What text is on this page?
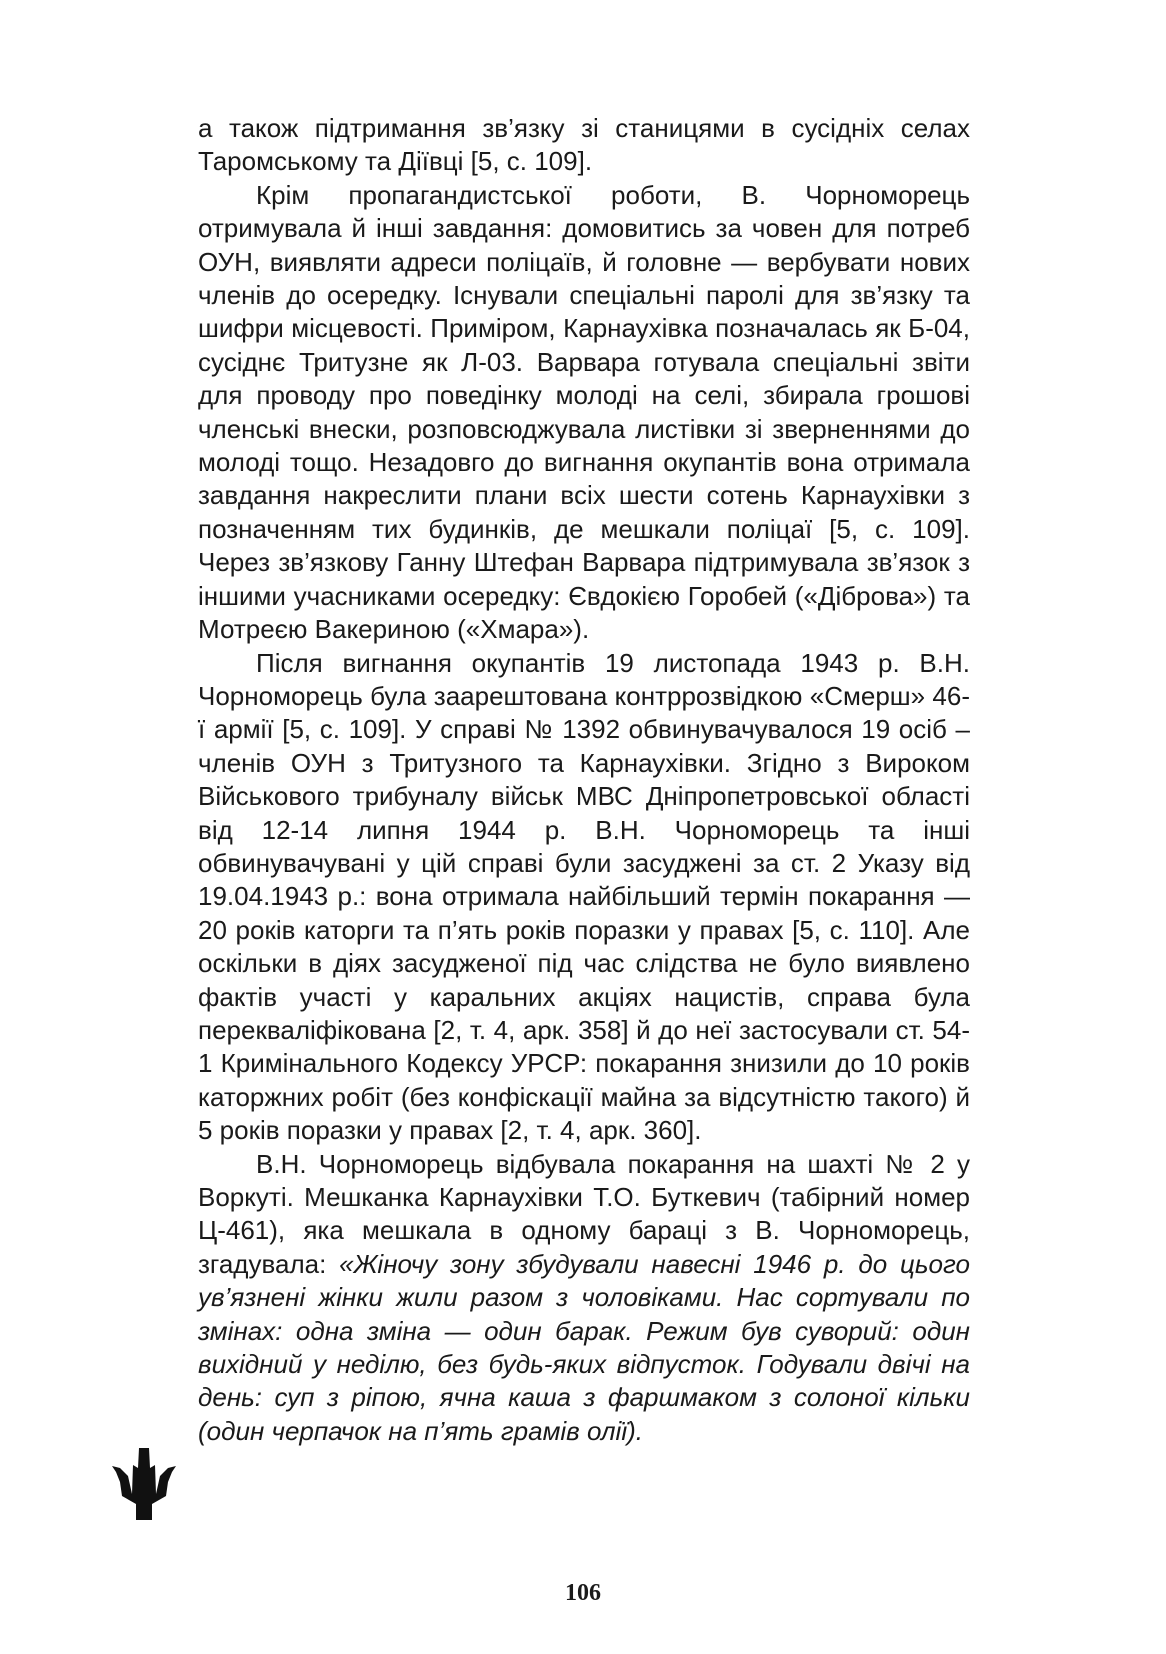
а також підтримання зв’язку зі станицями в сусідніх селах Таромському та Діївці [5, с. 109].

Крім пропагандистської роботи, В. Чорноморець отримувала й інші завдання: домовитись за човен для потреб ОУН, виявляти адреси поліцаїв, й головне — вербувати нових членів до осередку. Існували спеціальні паролі для зв’язку та шифри місцевості. Приміром, Карнаухівка позначалась як Б-04, сусіднє Тритузне як Л-03. Варвара готувала спеціальні звіти для проводу про поведінку молоді на селі, збирала грошові членські внески, розповсюджувала листівки зі зверненнями до молоді тощо. Незадовго до вигнання окупантів вона отримала завдання накреслити плани всіх шести сотень Карнаухівки з позначенням тих будинків, де мешкали поліцаї [5, с. 109]. Через зв’язкову Ганну Штефан Варвара підтримувала зв’язок з іншими учасниками осередку: Євдокією Горобей («Діброва») та Мотреєю Вакериною («Хмара»).

Після вигнання окупантів 19 листопада 1943 р. В.Н. Чорноморець була заарештована контррозвідкою «Смерш» 46-ї армії [5, с. 109]. У справі № 1392 обвинувачувалося 19 осіб – членів ОУН з Тритузного та Карнаухівки. Згідно з Вироком Військового трибуналу військ МВС Дніпропетровської області від 12-14 липня 1944 р. В.Н. Чорноморець та інші обвинувачувані у цій справі були засуджені за ст. 2 Указу від 19.04.1943 р.: вона отримала найбільший термін покарання — 20 років каторги та п’ять років поразки у правах [5, с. 110]. Але оскільки в діях засудженої під час слідства не було виявлено фактів участі у каральних акціях нацистів, справа була перекваліфікована [2, т. 4, арк. 358] й до неї застосували ст. 54-1 Кримінального Кодексу УРСР: покарання знизили до 10 років каторжних робіт (без конфіскації майна за відсутністю такого) й 5 років поразки у правах [2, т. 4, арк. 360].

В.Н. Чорноморець відбувала покарання на шахті № 2 у Воркуті. Мешканка Карнаухівки Т.О. Буткевич (табірний номер Ц-461), яка мешкала в одному бараці з В. Чорноморець, згадувала: «Жіночу зону збудували навесні 1946 р. до цього ув’язнені жінки жили разом з чоловіками. Нас сортували по змінах: одна зміна — один барак. Режим був суворий: один вихідний у неділю, без будь-яких відпусток. Годували двічі на день: суп з ріпою, ячна каша з фаршмаком з солоної кільки (один черпачок на п’ять грамів олії).

106
